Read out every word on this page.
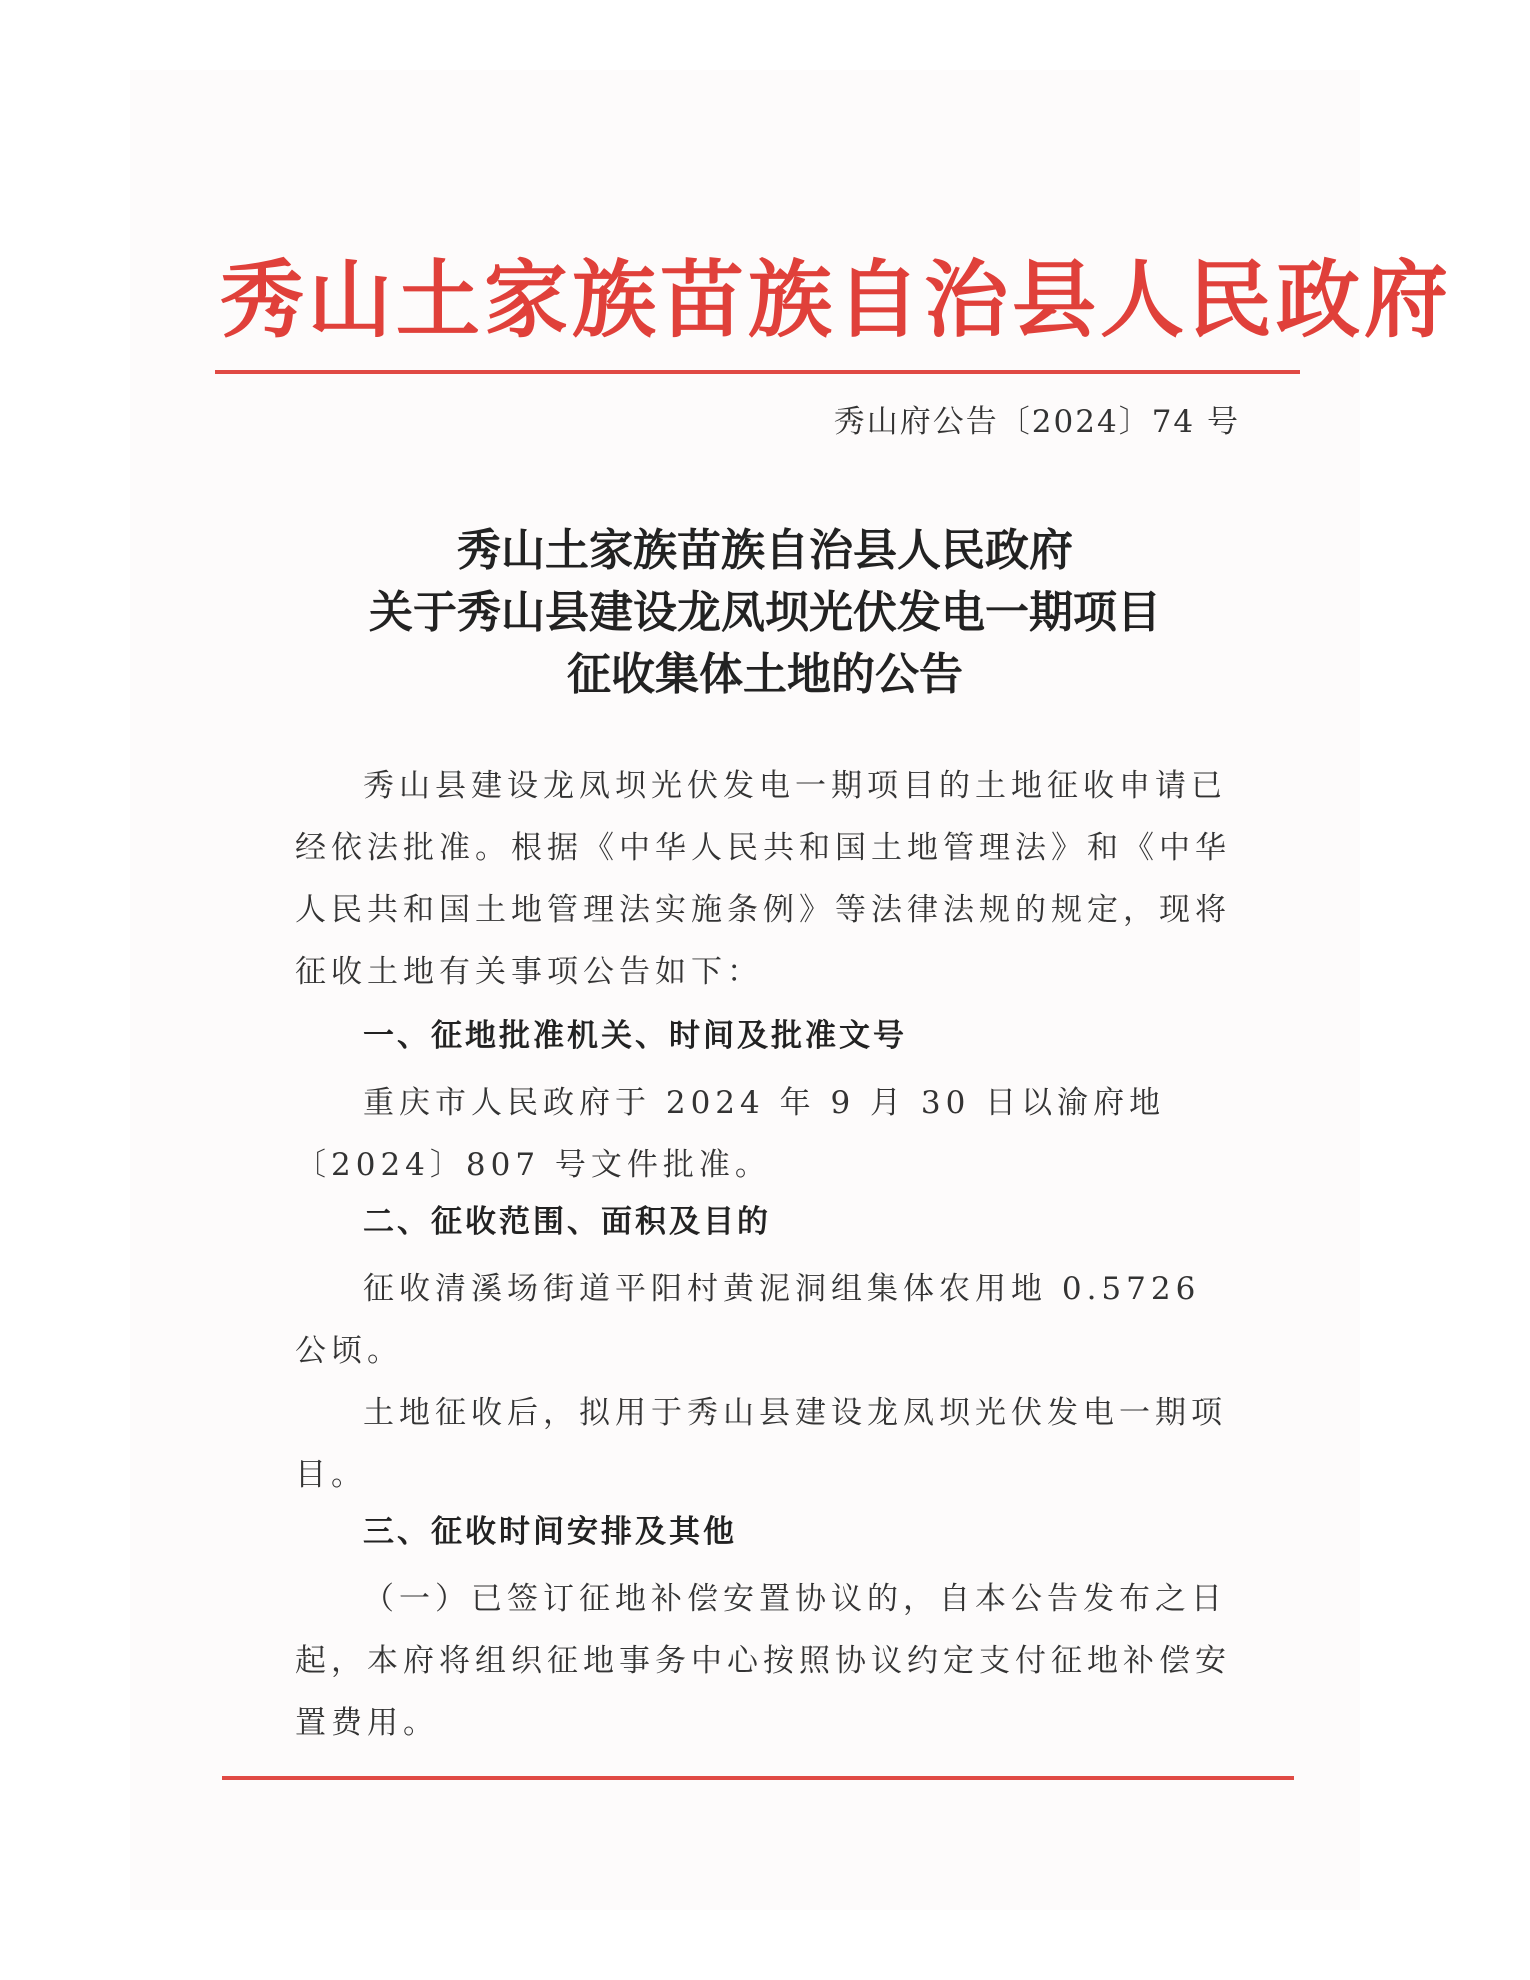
秀山土家族苗族自治县人民政府
秀山府公告〔2024〕74 号
秀山土家族苗族自治县人民政府
关于秀山县建设龙凤坝光伏发电一期项目
征收集体土地的公告
秀山县建设龙凤坝光伏发电一期项目的土地征收申请已经依法批准。根据《中华人民共和国土地管理法》和《中华人民共和国土地管理法实施条例》等法律法规的规定，现将征收土地有关事项公告如下：
一、征地批准机关、时间及批准文号
重庆市人民政府于 2024 年 9 月 30 日以渝府地〔2024〕807 号文件批准。
二、征收范围、面积及目的
征收清溪场街道平阳村黄泥洞组集体农用地 0.5726 公顷。
土地征收后，拟用于秀山县建设龙凤坝光伏发电一期项目。
三、征收时间安排及其他
（一）已签订征地补偿安置协议的，自本公告发布之日起，本府将组织征地事务中心按照协议约定支付征地补偿安置费用。
